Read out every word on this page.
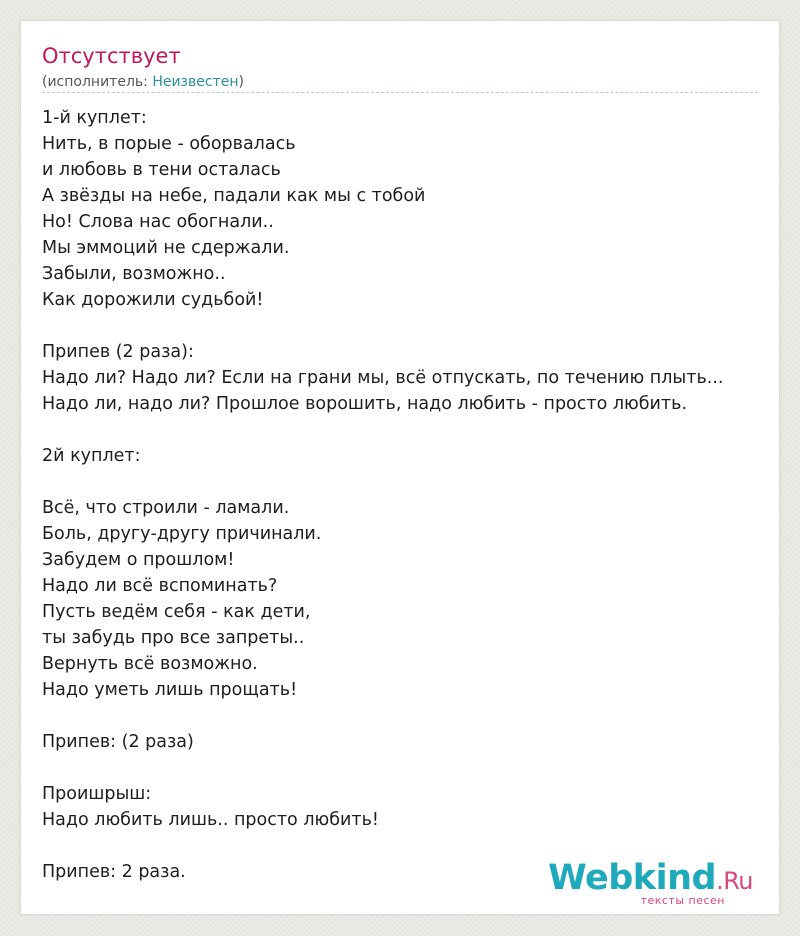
Отсутствует
(исполнитель: Неизвестен)
1-й куплет:
Нить, в порые - оборвалась
и любовь в тени осталась
А звёзды на небе, падали как мы с тобой
Но! Слова нас обогнали..
Мы эммоций не сдержали.
Забыли, возможно..
Как дорожили судьбой!
Припев (2 раза):
Надо ли? Надо ли? Если на грани мы, всё отпускать, по течению плыть...
Надо ли, надо ли? Прошлое ворошить, надо любить - просто любить.
2й куплет:
Всё, что строили - ламали.
Боль, другу-другу причинали.
Забудем о прошлом!
Надо ли всё вспоминать?
Пусть ведём себя - как дети,
ты забудь про все запреты..
Вернуть всё возможно.
Надо уметь лишь прощать!
Припев: (2 раза)
Проишрыш:
Надо любить лишь.. просто любить!
Припев: 2 раза.	Webkind.Ru
тексты песен
